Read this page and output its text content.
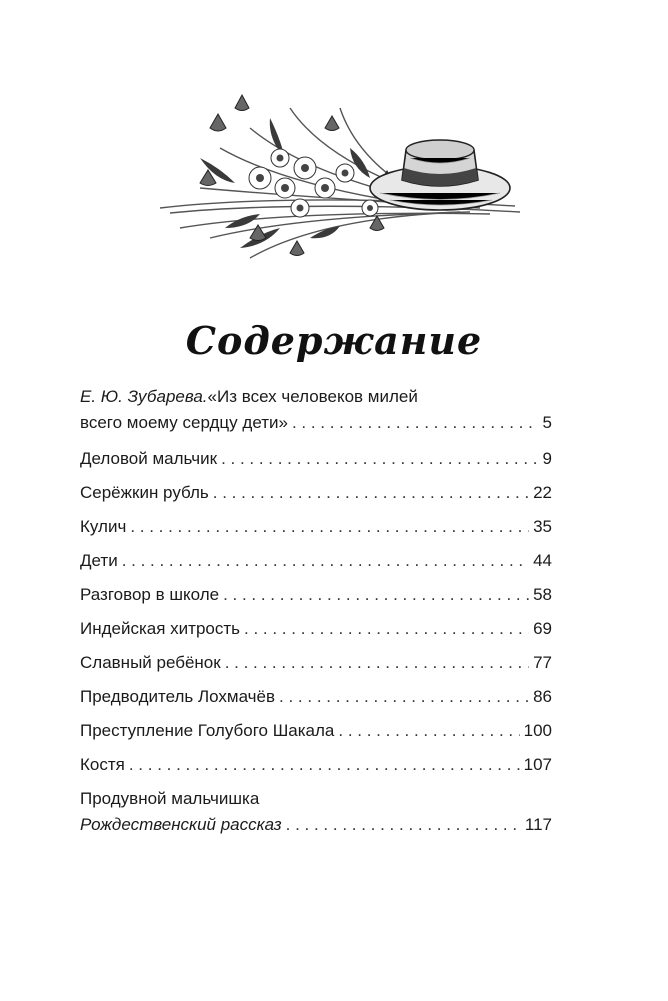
Содержание
Е. Ю. Зубарева. «Из всех человеков милей
всего моему сердцу дети» . . .	5
Деловой мальчик . . .	9
Серёжкин рубль . . .	22
Кулич . . .	35
Дети . . .	44
Разговор в школе . . .	58
Индейская хитрость . . .	69
Славный ребёнок . . .	77
Предводитель Лохмачёв . . .	86
Преступление Голубого Шакала . . .	100
Костя . . .	107
Продувной мальчишка
Рождественский рассказ . . .	117
